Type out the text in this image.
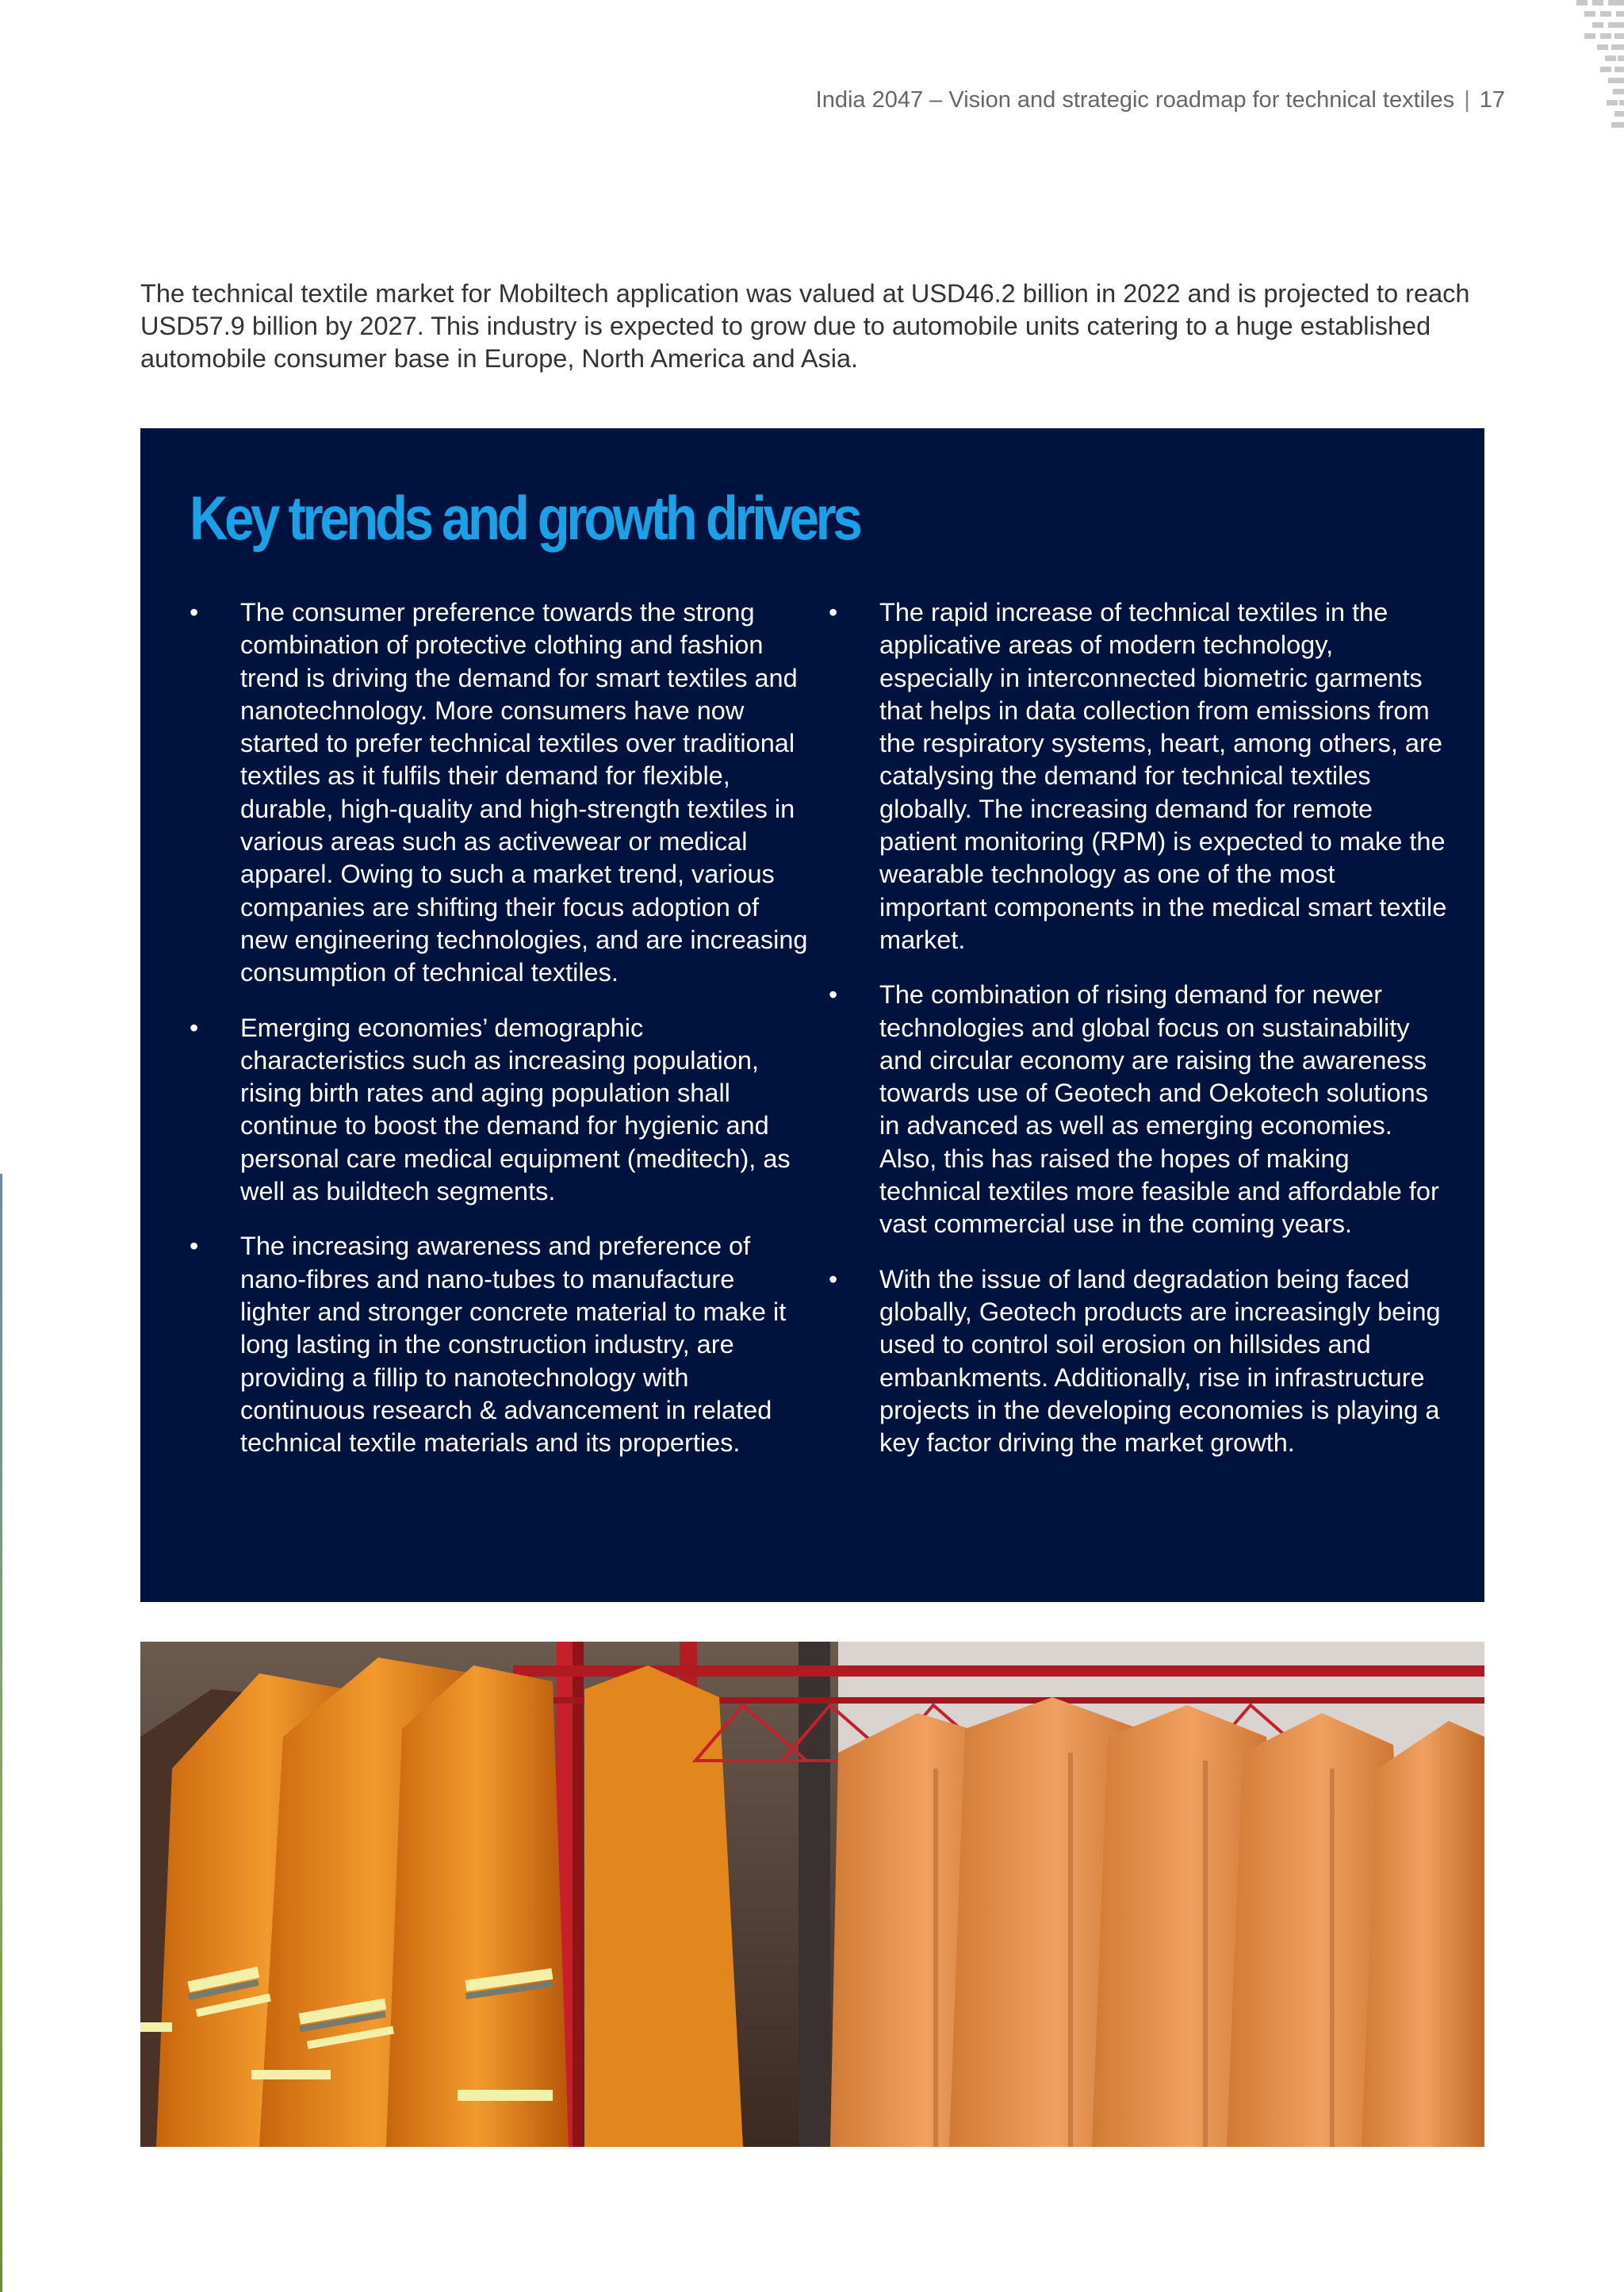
India 2047 – Vision and strategic roadmap for technical textiles | 17

The technical textile market for Mobiltech application was valued at USD46.2 billion in 2022 and is projected to reach USD57.9 billion by 2027. This industry is expected to grow due to automobile units catering to a huge established automobile consumer base in Europe, North America and Asia.

Key trends and growth drivers
• The consumer preference towards the strong combination of protective clothing and fashion trend is driving the demand for smart textiles and nanotechnology. More consumers have now started to prefer technical textiles over traditional textiles as it fulfils their demand for flexible, durable, high-quality and high-strength textiles in various areas such as activewear or medical apparel. Owing to such a market trend, various companies are shifting their focus adoption of new engineering technologies, and are increasing consumption of technical textiles.
• Emerging economies’ demographic characteristics such as increasing population, rising birth rates and aging population shall continue to boost the demand for hygienic and personal care medical equipment (meditech), as well as buildtech segments.
• The increasing awareness and preference of nano-fibres and nano-tubes to manufacture lighter and stronger concrete material to make it long lasting in the construction industry, are providing a fillip to nanotechnology with continuous research & advancement in related technical textile materials and its properties.
• The rapid increase of technical textiles in the applicative areas of modern technology, especially in interconnected biometric garments that helps in data collection from emissions from the respiratory systems, heart, among others, are catalysing the demand for technical textiles globally. The increasing demand for remote patient monitoring (RPM) is expected to make the wearable technology as one of the most important components in the medical smart textile market.
• The combination of rising demand for newer technologies and global focus on sustainability and circular economy are raising the awareness towards use of Geotech and Oekotech solutions in advanced as well as emerging economies. Also, this has raised the hopes of making technical textiles more feasible and affordable for vast commercial use in the coming years.
• With the issue of land degradation being faced globally, Geotech products are increasingly being used to control soil erosion on hillsides and embankments. Additionally, rise in infrastructure projects in the developing economies is playing a key factor driving the market growth.
